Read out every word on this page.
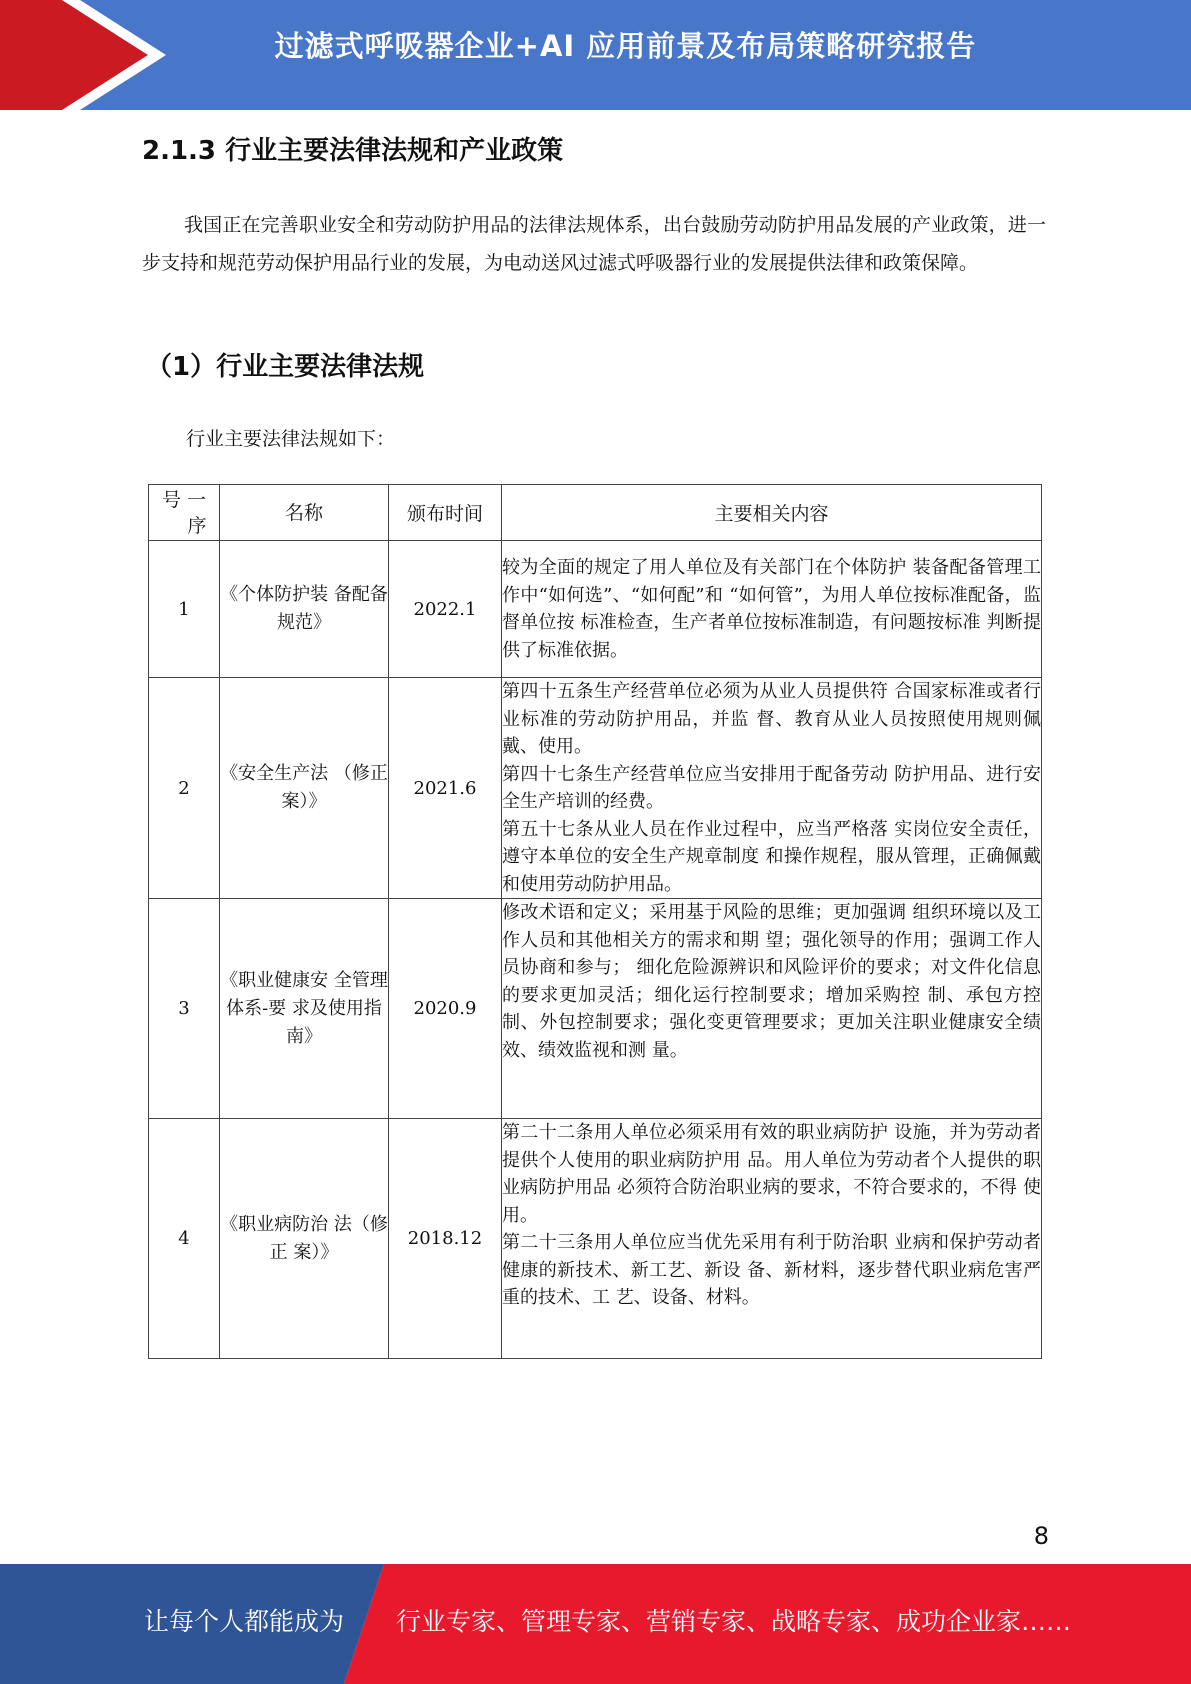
过滤式呼吸器企业+AI 应用前景及布局策略研究报告
2.1.3 行业主要法律法规和产业政策

我国正在完善职业安全和劳动防护用品的法律法规体系，出台鼓励劳动防护用品发展的产业政策，进一步支持和规范劳动保护用品行业的发展，为电动送风过滤式呼吸器行业的发展提供法律和政策保障。

（1）行业主要法律法规
行业主要法律法规如下：
号 一
序	名称	颁布时间	主要相关内容
1	《个体防护装 备配备规范》	2022.1	较为全面的规定了用人单位及有关部门在个体防护 装备配备管理工作中“如何选”、“如何配”和 “如何管”，为用人单位按标准配备，监督单位按 标准检查，生产者单位按标准制造，有问题按标准 判断提供了标准依据。

2	《安全生产法 （修正案）》	2021.6	第四十五条生产经营单位必须为从业人员提供符 合国家标准或者行业标准的劳动防护用品，并监 督、教育从业人员按照使用规则佩戴、使用。
第四十七条生产经营单位应当安排用于配备劳动 防护用品、进行安全生产培训的经费。
第五十七条从业人员在作业过程中，应当严格落 实岗位安全责任，遵守本单位的安全生产规章制度 和操作规程，服从管理，正确佩戴和使用劳动防护用品。

3	《职业健康安 全管理体系-要 求及使用指 南》	2020.9	修改术语和定义；采用基于风险的思维；更加强调 组织环境以及工作人员和其他相关方的需求和期 望；强化领导的作用；强调工作人员协商和参与； 细化危险源辨识和风险评价的要求；对文件化信息 的要求更加灵活；细化运行控制要求；增加采购控 制、承包方控制、外包控制要求；强化变更管理要求；更加关注职业健康安全绩效、绩效监视和测 量。

4	《职业病防治 法（修正 案）》	2018.12	第二十二条用人单位必须采用有效的职业病防护 设施，并为劳动者提供个人使用的职业病防护用 品。用人单位为劳动者个人提供的职业病防护用品 必须符合防治职业病的要求，不符合要求的，不得 使用。
第二十三条用人单位应当优先采用有利于防治职 业病和保护劳动者健康的新技术、新工艺、新设 备、新材料，逐步替代职业病危害严重的技术、工 艺、设备、材料。
8
让每个人都能成为 行业专家、管理专家、营销专家、战略专家、成功企业家……
